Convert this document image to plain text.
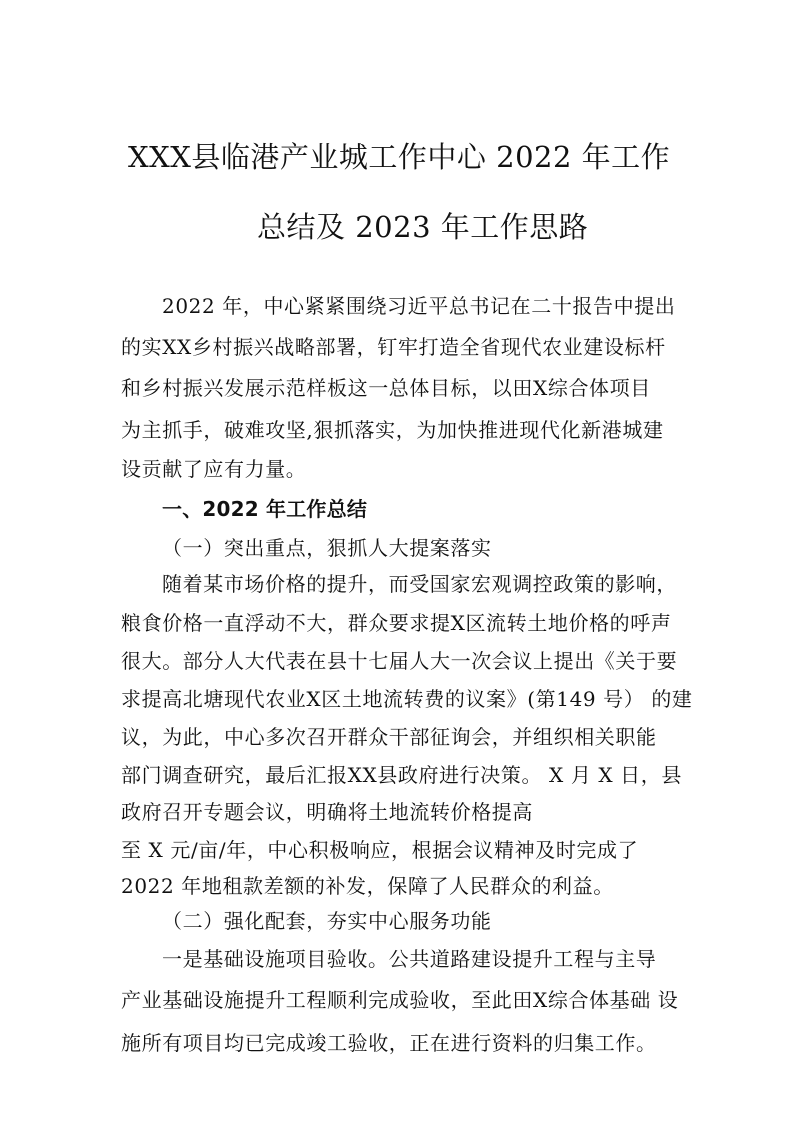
XXX县临港产业城工作中心 2022 年工作
总结及 2023 年工作思路
2022 年，中心紧紧围绕习近平总书记在二十报告中提出
的实XX乡村振兴战略部署，钉牢打造全省现代农业建设标杆
和乡村振兴发展示范样板这一总体目标，以田X综合体项目
为主抓手，破难攻坚,狠抓落实，为加快推进现代化新港城建
设贡献了应有力量。
一、2022 年工作总结
（一）突出重点，狠抓人大提案落实
随着某市场价格的提升，而受国家宏观调控政策的影响，
粮食价格一直浮动不大，群众要求提X区流转土地价格的呼声
很大。部分人大代表在县十七届人大一次会议上提出《关于要
求提高北塘现代农业X区土地流转费的议案》(第149 号） 的建
议，为此，中心多次召开群众干部征询会，并组织相关职能
部门调查研究，最后汇报XX县政府进行决策。 X 月 X 日，县
政府召开专题会议，明确将土地流转价格提高
至 X 元/亩/年，中心积极响应，根据会议精神及时完成了
2022 年地租款差额的补发，保障了人民群众的利益。
（二）强化配套，夯实中心服务功能
一是基础设施项目验收。公共道路建设提升工程与主导
产业基础设施提升工程顺利完成验收，至此田X综合体基础 设
施所有项目均已完成竣工验收，正在进行资料的归集工作。
